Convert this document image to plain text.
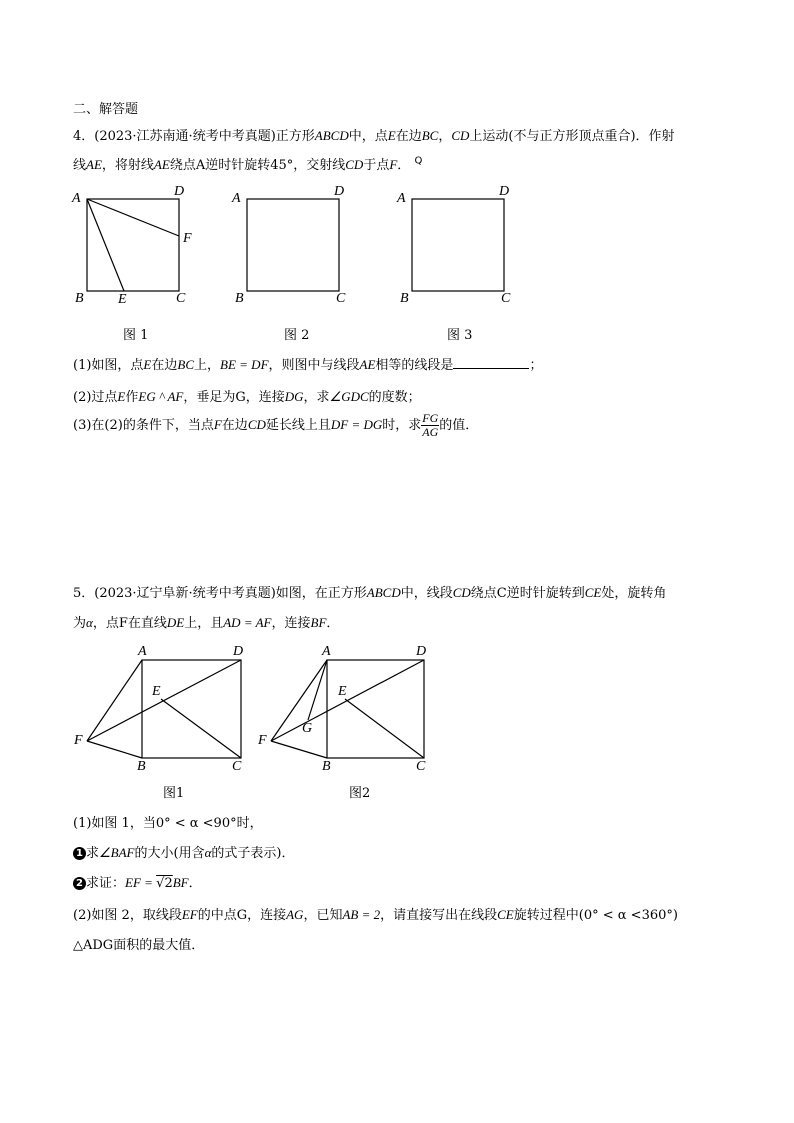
二、解答题
4．(2023·江苏南通·统考中考真题)正方形ABCD中，点E在边BC，CD上运动(不与正方形顶点重合)．作射
线AE，将射线AE绕点A逆时针旋转45°，交射线CD于点F． $^Q$
A	D
F
B E	C
图 1
A	D
B	C
图 2
A	D
B	C
图 3
(1)如图，点E在边BC上，BE = DF，则图中与线段AE相等的线段是	；
(2)过点E作EG ^ AF，垂足为G，连接DG，求∠GDC的度数；
(3)在(2)的条件下，当点F在边CD延长线上且DF = DG时，求 $\frac{FG}{AG}$ 的值．
5．(2023·辽宁阜新·统考中考真题)如图，在正方形ABCD中，线段CD绕点C逆时针旋转到CE处，旋转角
为α，点F在直线DE上，且AD = AF，连接BF．
A	D
E
F
B	C
图1
A	D
E
G
F
B	C
图2
(1)如图 1，当0° < α <90°时，
1 求∠BAF的大小(用含α的式子表示)．
2 求证：EF = √2BF．
(2)如图 2，取线段EF的中点G，连接AG，已知AB = 2，请直接写出在线段CE旋转过程中(0° < α <360°)
△ADG面积的最大值．
